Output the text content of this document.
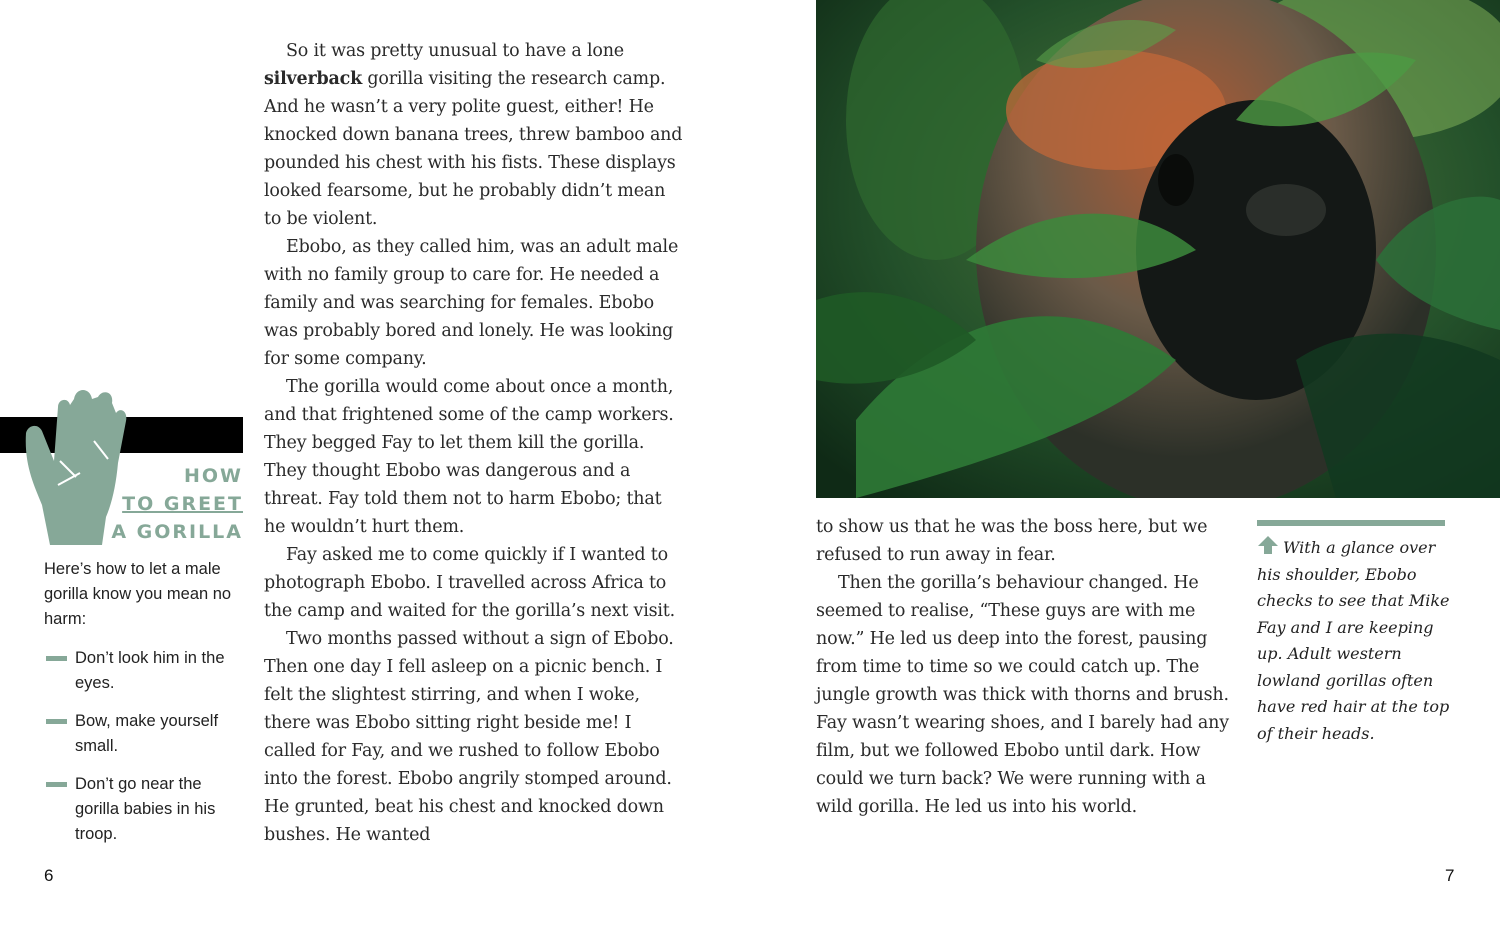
So it was pretty unusual to have a lone silverback gorilla visiting the research camp. And he wasn’t a very polite guest, either! He knocked down banana trees, threw bamboo and pounded his chest with his fists. These displays looked fearsome, but he probably didn’t mean to be violent.

Ebobo, as they called him, was an adult male with no family group to care for. He needed a family and was searching for females. Ebobo was probably bored and lonely. He was looking for some company.

The gorilla would come about once a month, and that frightened some of the camp workers. They begged Fay to let them kill the gorilla. They thought Ebobo was dangerous and a threat. Fay told them not to harm Ebobo; that he wouldn’t hurt them.

Fay asked me to come quickly if I wanted to photograph Ebobo. I travelled across Africa to the camp and waited for the gorilla’s next visit.

Two months passed without a sign of Ebobo. Then one day I fell asleep on a picnic bench. I felt the slightest stirring, and when I woke, there was Ebobo sitting right beside me! I called for Fay, and we rushed to follow Ebobo into the forest. Ebobo angrily stomped around. He grunted, beat his chest and knocked down bushes. He wanted

HOW
TO GREET
A GORILLA
Here’s how to let a male gorilla know you mean no harm:
Don’t look him in the eyes.
Bow, make yourself small.
Don’t go near the gorilla babies in his troop.
6

to show us that he was the boss here, but we refused to run away in fear.

Then the gorilla’s behaviour changed. He seemed to realise, “These guys are with me now.” He led us deep into the forest, pausing from time to time so we could catch up. The jungle growth was thick with thorns and brush. Fay wasn’t wearing shoes, and I barely had any film, but we followed Ebobo until dark. How could we turn back? We were running with a wild gorilla. He led us into his world.

With a glance over his shoulder, Ebobo checks to see that Mike Fay and I are keeping up. Adult western lowland gorillas often have red hair at the top of their heads.
7
